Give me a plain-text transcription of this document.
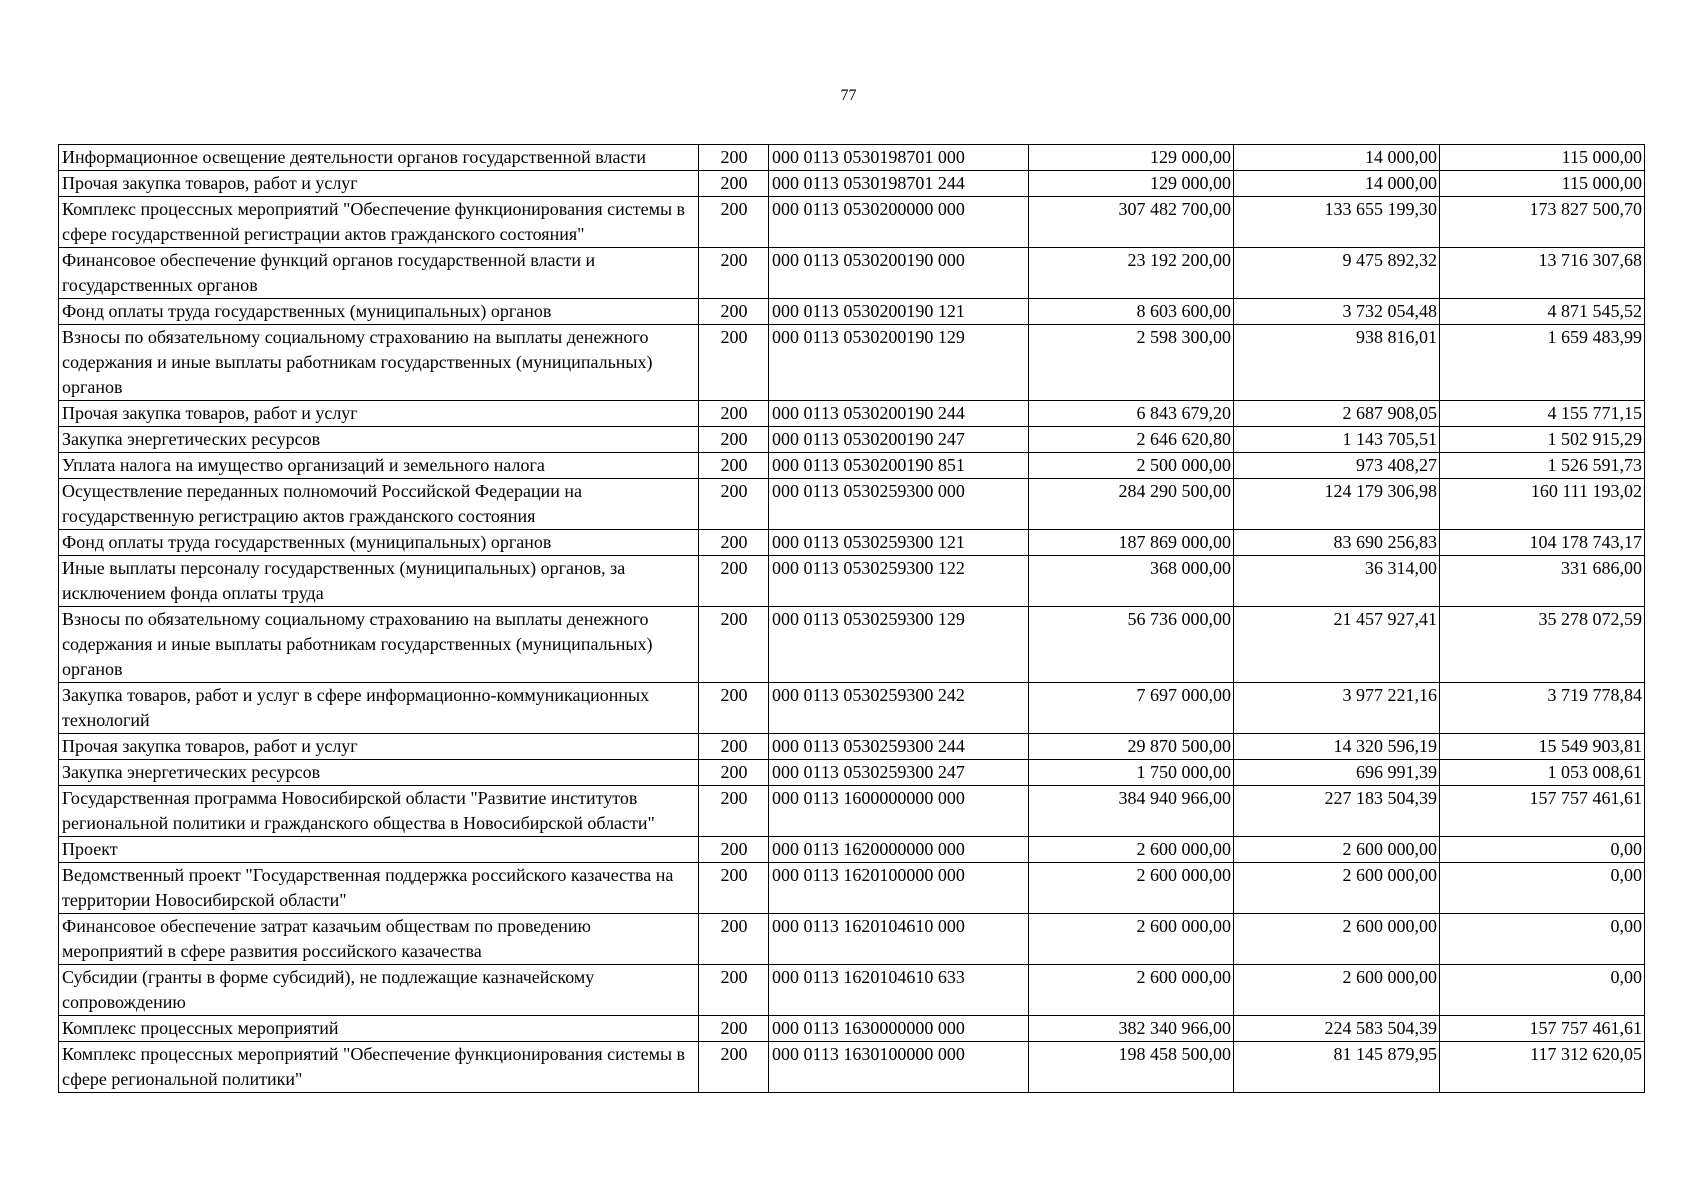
77
Информационное освещение деятельности органов государственной власти	200	000 0113 0530198701 000	129 000,00	14 000,00	115 000,00
Прочая закупка товаров, работ и услуг	200	000 0113 0530198701 244	129 000,00	14 000,00	115 000,00
Комплекс процессных мероприятий "Обеспечение функционирования системы в сфере государственной регистрации актов гражданского состояния"	200	000 0113 0530200000 000	307 482 700,00	133 655 199,30	173 827 500,70
Финансовое обеспечение функций органов государственной власти и государственных органов	200	000 0113 0530200190 000	23 192 200,00	9 475 892,32	13 716 307,68
Фонд оплаты труда государственных (муниципальных) органов	200	000 0113 0530200190 121	8 603 600,00	3 732 054,48	4 871 545,52
Взносы по обязательному социальному страхованию на выплаты денежного содержания и иные выплаты работникам государственных (муниципальных) органов	200	000 0113 0530200190 129	2 598 300,00	938 816,01	1 659 483,99
Прочая закупка товаров, работ и услуг	200	000 0113 0530200190 244	6 843 679,20	2 687 908,05	4 155 771,15
Закупка энергетических ресурсов	200	000 0113 0530200190 247	2 646 620,80	1 143 705,51	1 502 915,29
Уплата налога на имущество организаций и земельного налога	200	000 0113 0530200190 851	2 500 000,00	973 408,27	1 526 591,73
Осуществление переданных полномочий Российской Федерации на государственную регистрацию актов гражданского состояния	200	000 0113 0530259300 000	284 290 500,00	124 179 306,98	160 111 193,02
Фонд оплаты труда государственных (муниципальных) органов	200	000 0113 0530259300 121	187 869 000,00	83 690 256,83	104 178 743,17
Иные выплаты персоналу государственных (муниципальных) органов, за исключением фонда оплаты труда	200	000 0113 0530259300 122	368 000,00	36 314,00	331 686,00
Взносы по обязательному социальному страхованию на выплаты денежного содержания и иные выплаты работникам государственных (муниципальных) органов	200	000 0113 0530259300 129	56 736 000,00	21 457 927,41	35 278 072,59
Закупка товаров, работ и услуг в сфере информационно-коммуникационных технологий	200	000 0113 0530259300 242	7 697 000,00	3 977 221,16	3 719 778,84
Прочая закупка товаров, работ и услуг	200	000 0113 0530259300 244	29 870 500,00	14 320 596,19	15 549 903,81
Закупка энергетических ресурсов	200	000 0113 0530259300 247	1 750 000,00	696 991,39	1 053 008,61
Государственная программа Новосибирской области "Развитие институтов региональной политики и гражданского общества в Новосибирской области"	200	000 0113 1600000000 000	384 940 966,00	227 183 504,39	157 757 461,61
Проект	200	000 0113 1620000000 000	2 600 000,00	2 600 000,00	0,00
Ведомственный проект "Государственная поддержка российского казачества на территории Новосибирской области"	200	000 0113 1620100000 000	2 600 000,00	2 600 000,00	0,00
Финансовое обеспечение затрат казачьим обществам по проведению мероприятий в сфере развития российского казачества	200	000 0113 1620104610 000	2 600 000,00	2 600 000,00	0,00
Субсидии (гранты в форме субсидий), не подлежащие казначейскому сопровождению	200	000 0113 1620104610 633	2 600 000,00	2 600 000,00	0,00
Комплекс процессных мероприятий	200	000 0113 1630000000 000	382 340 966,00	224 583 504,39	157 757 461,61
Комплекс процессных мероприятий "Обеспечение функционирования системы в сфере региональной политики"	200	000 0113 1630100000 000	198 458 500,00	81 145 879,95	117 312 620,05
